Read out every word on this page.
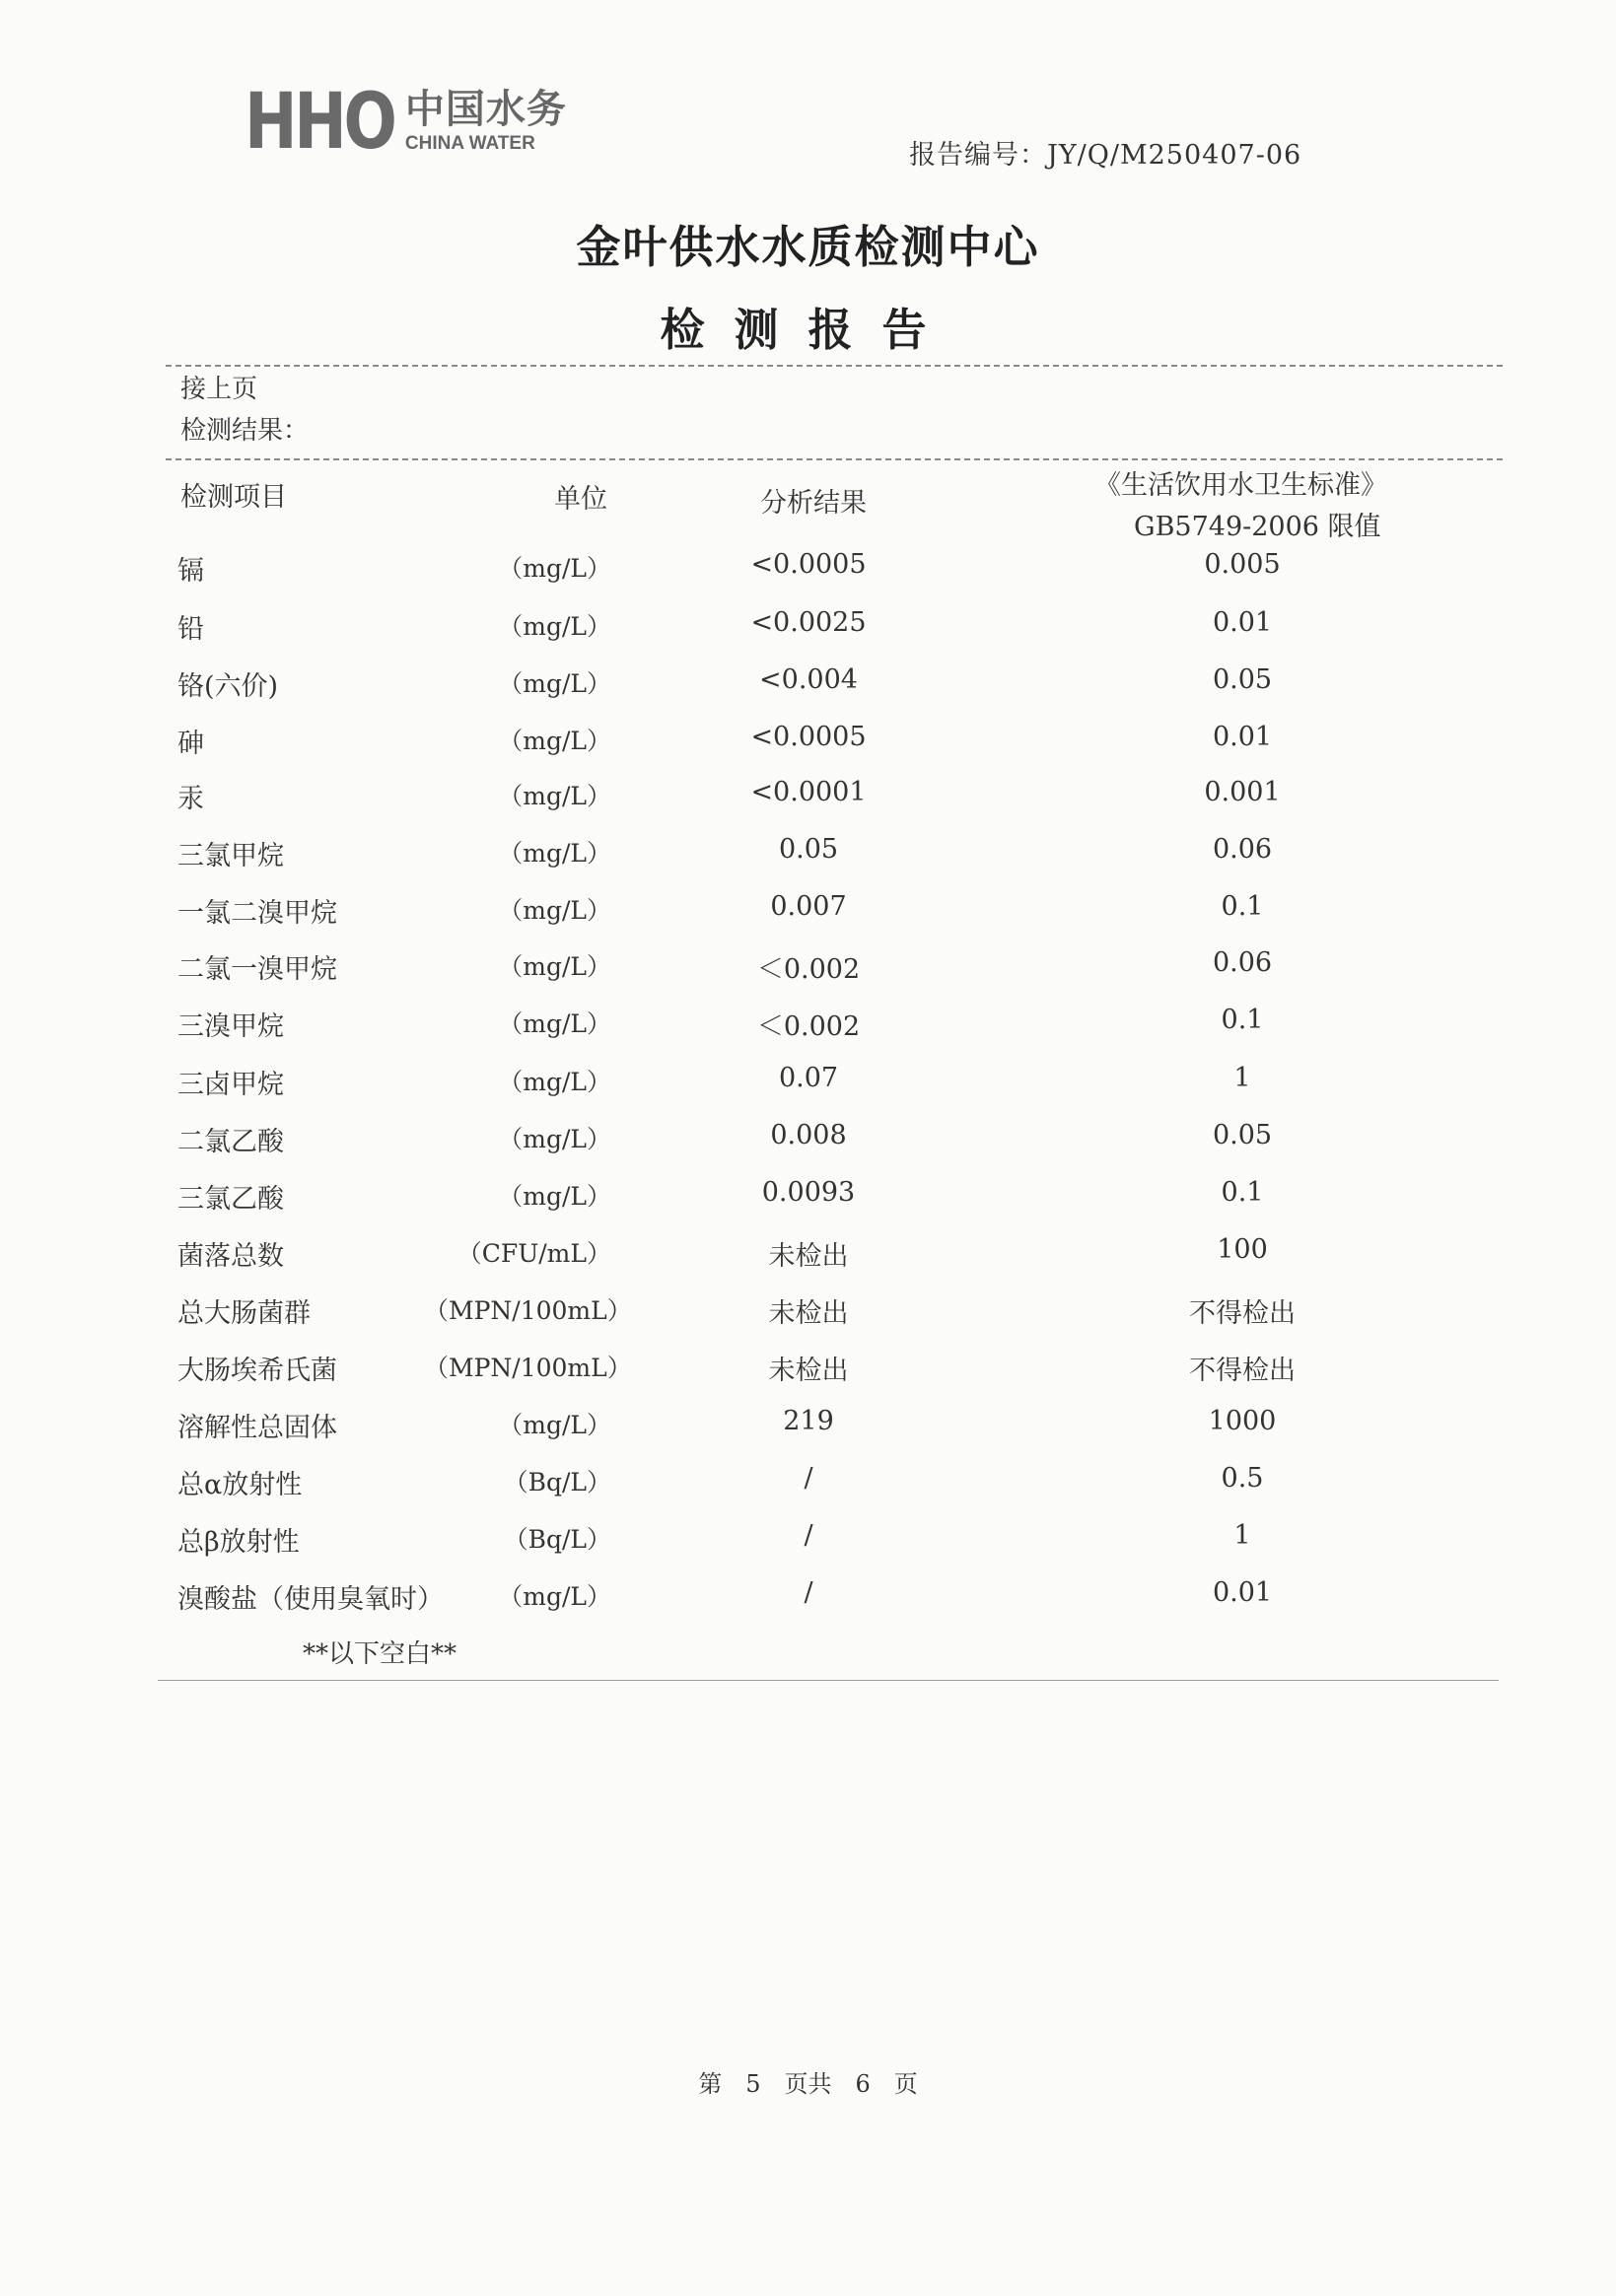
HHO 中国水务
CHINA WATER	报告编号：JY/Q/M250407-06
金叶供水水质检测中心
检测报告
接上页
检测结果：
检测项目	单位	分析结果
《生活饮用水卫生标准》
GB5749-2006 限值
镉	（mg/L）	<0.0005	0.005
铅	（mg/L）	<0.0025	0.01
铬(六价)	（mg/L）	<0.004	0.05
砷	（mg/L）	<0.0005	0.01
汞	（mg/L）	<0.0001	0.001
三氯甲烷	（mg/L）	0.05	0.06
一氯二溴甲烷	（mg/L）	0.007	0.1
二氯一溴甲烷	（mg/L）	＜0.002	0.06
三溴甲烷	（mg/L）	＜0.002	0.1
三卤甲烷	（mg/L）	0.07	1
二氯乙酸	（mg/L）	0.008	0.05
三氯乙酸	（mg/L）	0.0093	0.1
菌落总数	（CFU/mL）	未检出	100
总大肠菌群	（MPN/100mL）	未检出	不得检出
大肠埃希氏菌	（MPN/100mL）	未检出	不得检出
溶解性总固体	（mg/L）	219	1000
总α放射性	（Bq/L）	/	0.5
总β放射性	（Bq/L）	/	1
溴酸盐（使用臭氧时）	（mg/L）	/	0.01
**以下空白**
第 5 页共 6 页
